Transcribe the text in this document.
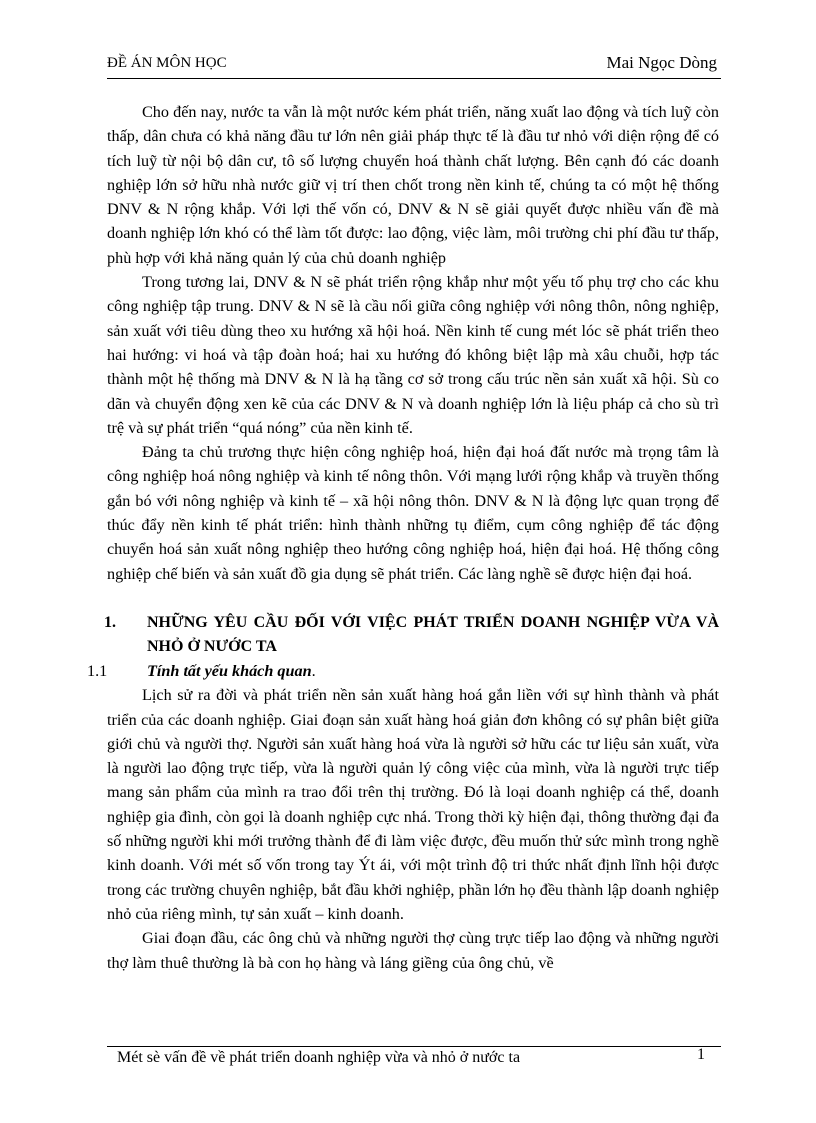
ĐỀ ÁN MÔN HỌC	Mai Ngọc Dòng

Cho đến nay, nước ta vẫn là một nước kém phát triển, năng xuất lao động và tích luỹ còn thấp, dân chưa có khả năng đầu tư lớn nên giải pháp thực tế là đầu tư nhỏ với diện rộng để có tích luỹ từ nội bộ dân cư, tô số lượng chuyển hoá thành chất lượng. Bên cạnh đó các doanh nghiệp lớn sở hữu nhà nước giữ vị trí then chốt trong nền kinh tế, chúng ta có một hệ thống DNV & N rộng khắp. Với lợi thế vốn có, DNV & N sẽ giải quyết được nhiều vấn đề mà doanh nghiệp lớn khó có thể làm tốt được: lao động, việc làm, môi trường chi phí đầu tư thấp, phù hợp với khả năng quản lý của chủ doanh nghiệp

Trong tương lai, DNV & N sẽ phát triển rộng khắp như một yếu tố phụ trợ cho các khu công nghiệp tập trung. DNV & N sẽ là cầu nối giữa công nghiệp với nông thôn, nông nghiệp, sản xuất với tiêu dùng theo xu hướng xã hội hoá. Nền kinh tế cung mét lóc sẽ phát triển theo hai hướng: vi hoá và tập đoàn hoá; hai xu hướng đó không biệt lập mà xâu chuỗi, hợp tác thành một hệ thống mà DNV & N là hạ tầng cơ sở trong cấu trúc nền sản xuất xã hội. Sù co dãn và chuyển động xen kẽ của các DNV & N và doanh nghiệp lớn là liệu pháp cả cho sù trì trệ và sự phát triển “quá nóng” của nền kinh tế.

Đảng ta chủ trương thực hiện công nghiệp hoá, hiện đại hoá đất nước mà trọng tâm là công nghiệp hoá nông nghiệp và kinh tế nông thôn. Với mạng lưới rộng khắp và truyền thống gắn bó với nông nghiệp và kinh tế – xã hội nông thôn. DNV & N là động lực quan trọng để thúc đẩy nền kinh tế phát triển: hình thành những tụ điểm, cụm công nghiệp để tác động chuyển hoá sản xuất nông nghiệp theo hướng công nghiệp hoá, hiện đại hoá. Hệ thống công nghiệp chế biến và sản xuất đồ gia dụng sẽ phát triển. Các làng nghề sẽ được hiện đại hoá.

1. NHỮNG YÊU CẦU ĐỐI VỚI VIỆC PHÁT TRIỂN DOANH NGHIỆP VỪA VÀ NHỎ Ở NƯỚC TA
1.1 Tính tất yếu khách quan.

Lịch sử ra đời và phát triển nền sản xuất hàng hoá gắn liền với sự hình thành và phát triển của các doanh nghiệp. Giai đoạn sản xuất hàng hoá giản đơn không có sự phân biệt giữa giới chủ và người thợ. Người sản xuất hàng hoá vừa là người sở hữu các tư liệu sản xuất, vừa là người lao động trực tiếp, vừa là người quản lý công việc của mình, vừa là người trực tiếp mang sản phẩm của mình ra trao đổi trên thị trường. Đó là loại doanh nghiệp cá thể, doanh nghiệp gia đình, còn gọi là doanh nghiệp cực nhá. Trong thời kỳ hiện đại, thông thường đại đa số những người khi mới trưởng thành để đi làm việc được, đều muốn thử sức mình trong nghề kinh doanh. Với mét số vốn trong tay Ýt ái, với một trình độ tri thức nhất định lĩnh hội được trong các trường chuyên nghiệp, bắt đầu khởi nghiệp, phần lớn họ đều thành lập doanh nghiệp nhỏ của riêng mình, tự sản xuất – kinh doanh.

Giai đoạn đầu, các ông chủ và những người thợ cùng trực tiếp lao động và những người thợ làm thuê thường là bà con họ hàng và láng giềng của ông chủ, về

Mét sè vấn đề về phát triển doanh nghiệp vừa và nhỏ ở nước ta	1
